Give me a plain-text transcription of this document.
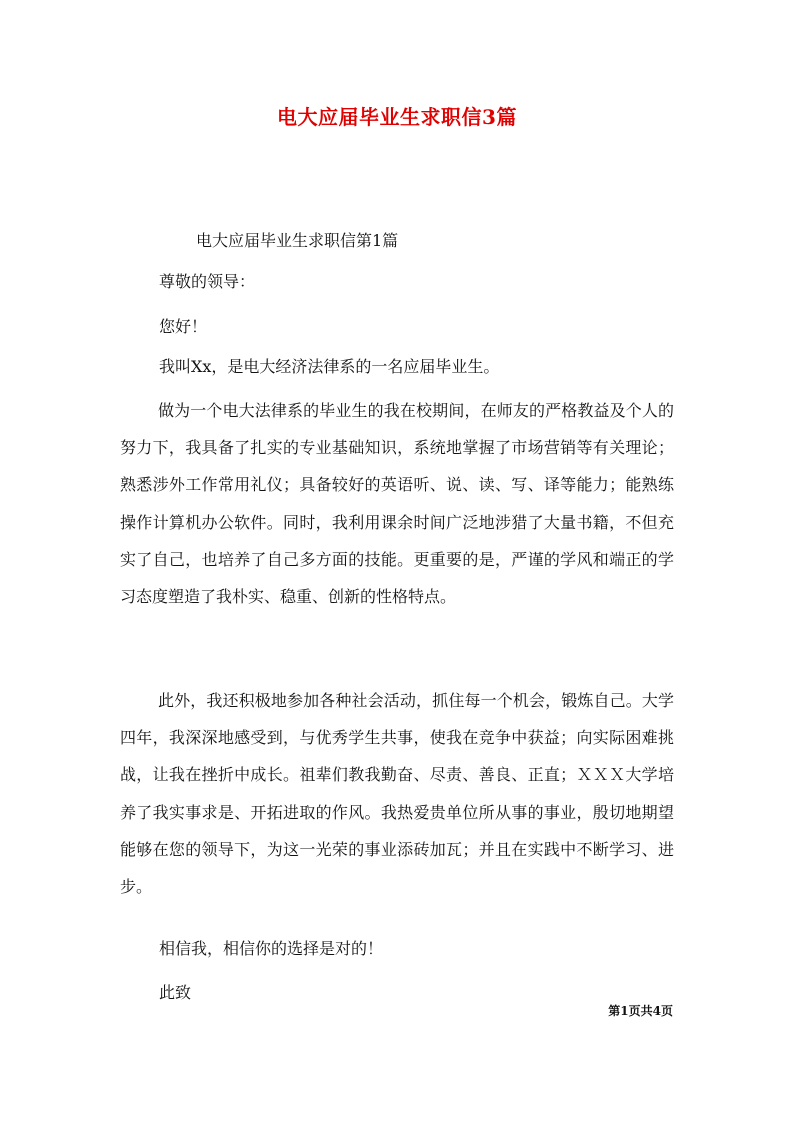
电大应届毕业生求职信3篇
电大应届毕业生求职信第1篇
尊敬的领导：
您好！
我叫Xx，是电大经济法律系的一名应届毕业生。
做为一个电大法律系的毕业生的我在校期间，在师友的严格教益及个人的努力下，我具备了扎实的专业基础知识，系统地掌握了市场营销等有关理论；熟悉涉外工作常用礼仪；具备较好的英语听、说、读、写、译等能力；能熟练操作计算机办公软件。同时，我利用课余时间广泛地涉猎了大量书籍，不但充实了自己，也培养了自己多方面的技能。更重要的是，严谨的学风和端正的学习态度塑造了我朴实、稳重、创新的性格特点。
此外，我还积极地参加各种社会活动，抓住每一个机会，锻炼自己。大学四年，我深深地感受到，与优秀学生共事，使我在竞争中获益；向实际困难挑战，让我在挫折中成长。祖辈们教我勤奋、尽责、善良、正直；ＸＸＸ大学培养了我实事求是、开拓进取的作风。我热爱贵单位所从事的事业，殷切地期望能够在您的领导下，为这一光荣的事业添砖加瓦；并且在实践中不断学习、进步。
相信我，相信你的选择是对的！
此致
第1页共4页
